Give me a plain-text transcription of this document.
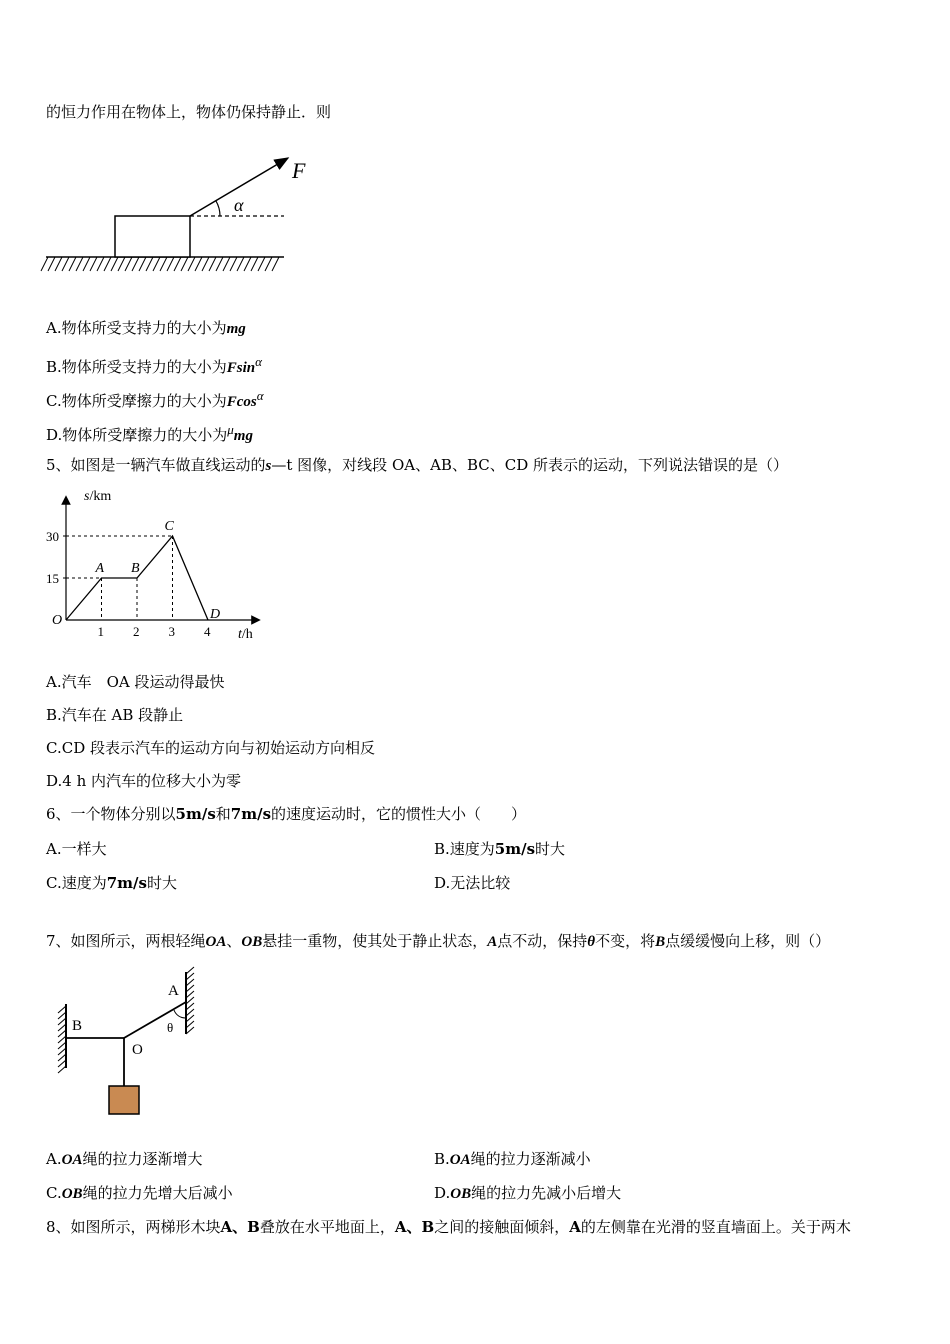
的恒力作用在物体上，物体仍保持静止．则
F
α
A.物体所受支持力的大小为mg
B.物体所受支持力的大小为Fsinα
C.物体所受摩擦力的大小为Fcosα
D.物体所受摩擦力的大小为μmg
5、如图是一辆汽车做直线运动的s—t 图像，对线段 OA、AB、BC、CD 所表示的运动，下列说法错误的是（）
O
A B
C
D
1 2 3 4
15
30
s/km
t/h
A.汽车　OA 段运动得最快
B.汽车在 AB 段静止
C.CD 段表示汽车的运动方向与初始运动方向相反
D.4 h 内汽车的位移大小为零
6、一个物体分别以5m/s和7m/s的速度运动时，它的惯性大小（　　）
A.一样大	B.速度为5m/s时大
C.速度为7m/s时大	D.无法比较
7、如图所示，两根轻绳OA、OB悬挂一重物，使其处于静止状态，A点不动，保持θ不变，将B点缓缓慢向上移，则（）
A
B
O
θ
A.OA绳的拉力逐渐增大	B.OA绳的拉力逐渐减小
C.OB绳的拉力先增大后减小	D.OB绳的拉力先减小后增大
8、如图所示，两梯形木块A、B叠放在水平地面上，A、B之间的接触面倾斜，A的左侧靠在光滑的竖直墙面上。关于两木
